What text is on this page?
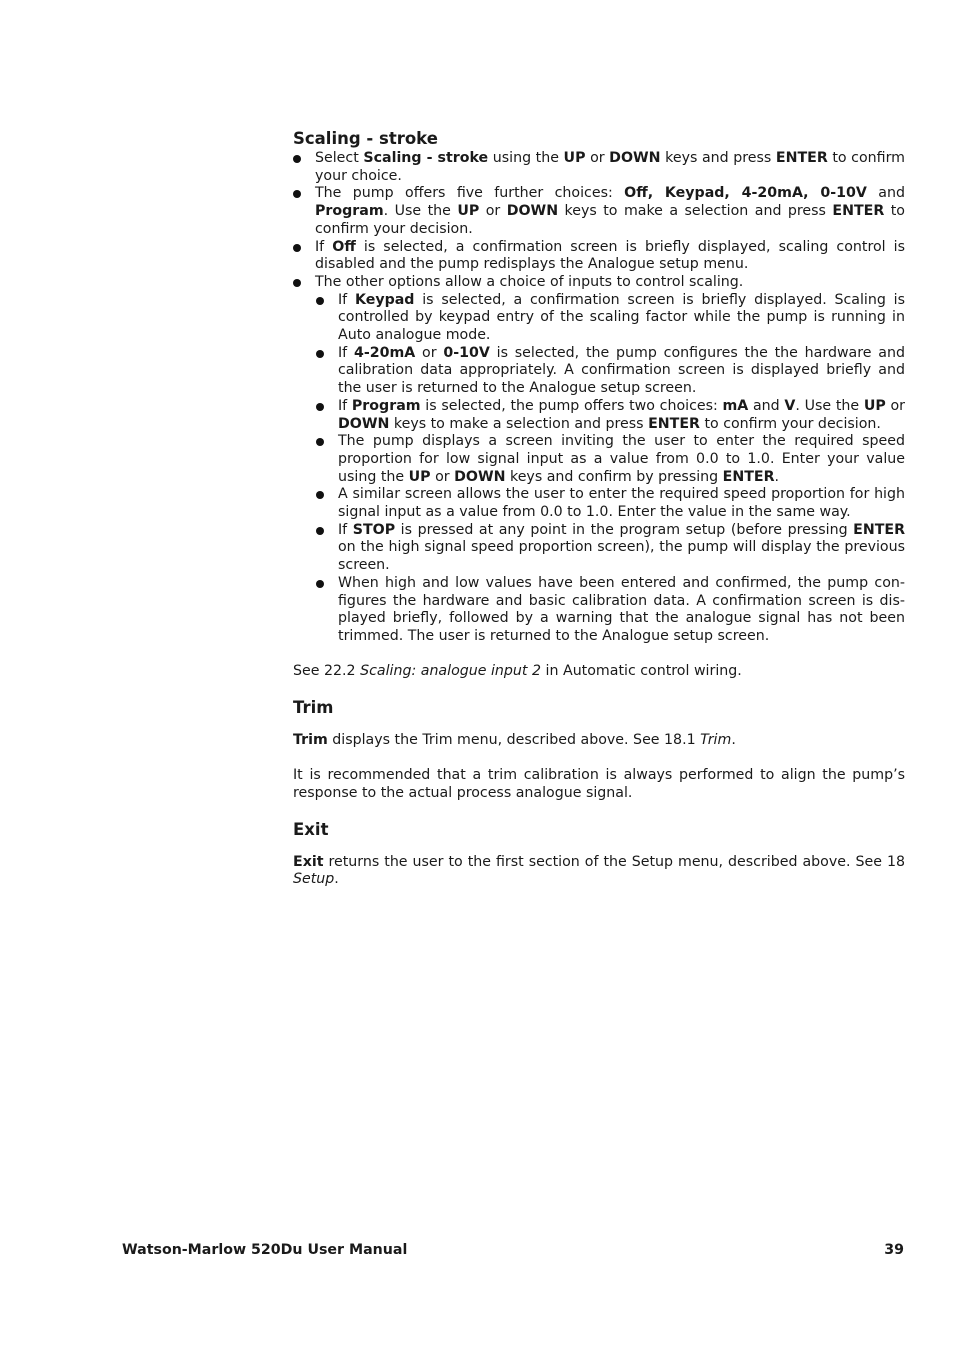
Scaling - stroke
Select Scaling - stroke using the UP or DOWN keys and press ENTER to confirm your choice.
The pump offers five further choices: Off, Keypad, 4-20mA, 0-10V and Program. Use the UP or DOWN keys to make a selection and press ENTER to confirm your decision.
If Off is selected, a confirmation screen is briefly displayed, scaling control is disabled and the pump redisplays the Analogue setup menu.
The other options allow a choice of inputs to control scaling.
If Keypad is selected, a confirmation screen is briefly displayed. Scaling is controlled by keypad entry of the scaling factor while the pump is running in Auto analogue mode.
If 4-20mA or 0-10V is selected, the pump configures the the hardware and calibration data appropriately. A confirmation screen is displayed briefly and the user is returned to the Analogue setup screen.
If Program is selected, the pump offers two choices: mA and V. Use the UP or DOWN keys to make a selection and press ENTER to confirm your decision.
The pump displays a screen inviting the user to enter the required speed proportion for low signal input as a value from 0.0 to 1.0. Enter your value using the UP or DOWN keys and confirm by pressing ENTER.
A similar screen allows the user to enter the required speed proportion for high signal input as a value from 0.0 to 1.0. Enter the value in the same way.
If STOP is pressed at any point in the program setup (before pressing ENTER on the high signal speed proportion screen), the pump will display the previous screen.
When high and low values have been entered and confirmed, the pump configures the hardware and basic calibration data. A confirmation screen is displayed briefly, followed by a warning that the analogue signal has not been trimmed. The user is returned to the Analogue setup screen.

See 22.2 Scaling: analogue input 2 in Automatic control wiring.

Trim

Trim displays the Trim menu, described above. See 18.1 Trim.

It is recommended that a trim calibration is always performed to align the pump’s response to the actual process analogue signal.

Exit

Exit returns the user to the first section of the Setup menu, described above. See 18 Setup.

Watson-Marlow 520Du User Manual	39
